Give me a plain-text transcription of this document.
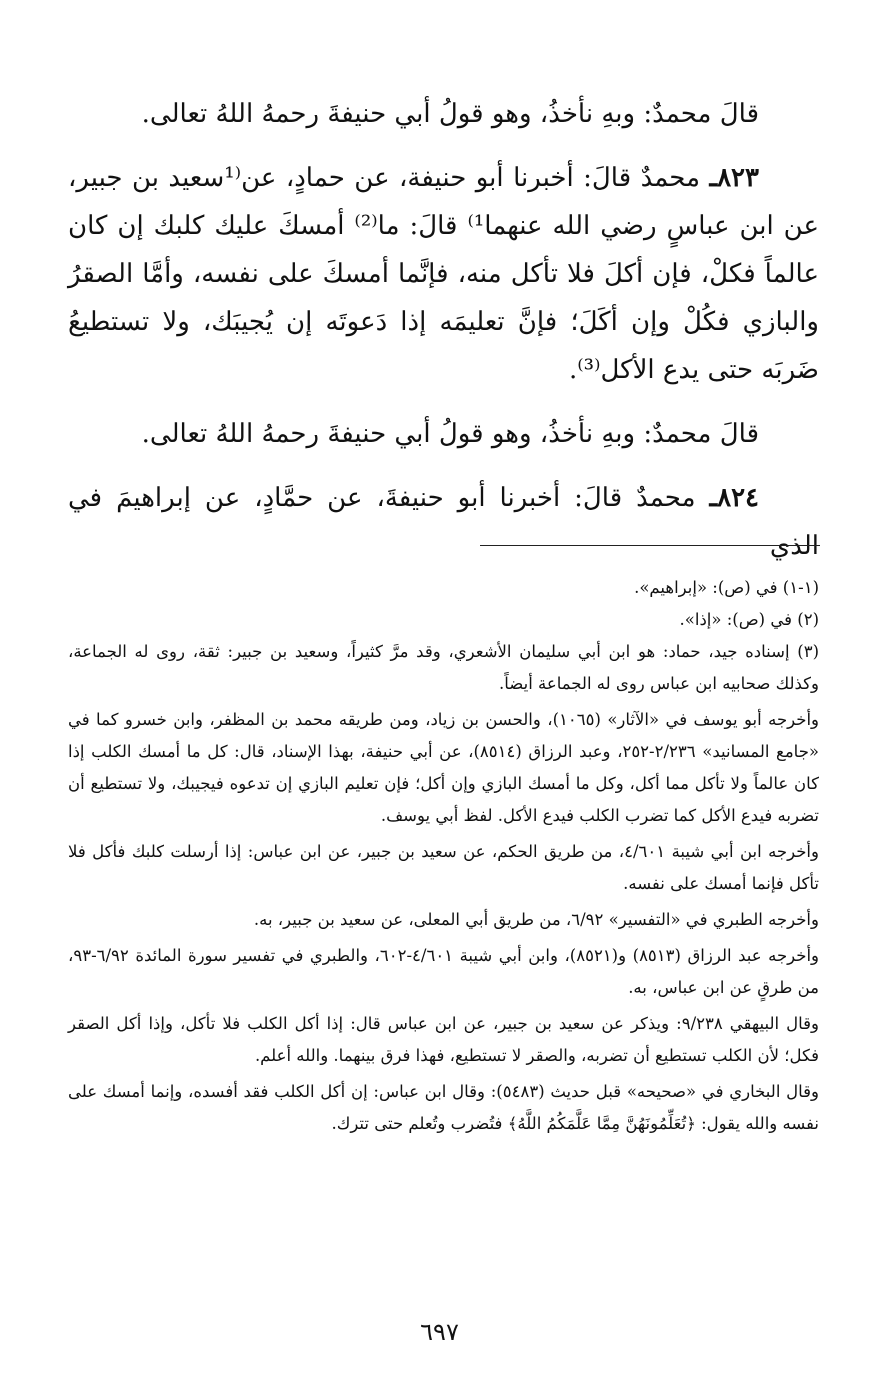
قالَ محمدٌ: وبهِ نأخذُ، وهو قولُ أبي حنيفةَ رحمهُ اللهُ تعالى.

٨٢٣ـ محمدٌ قالَ: أخبرنا أبو حنيفة، عن حمادٍ، عن⁽¹سعيد بن جبير، عن ابن عباسٍ رضي الله عنهما¹⁾ قالَ: ما⁽²⁾ أمسكَ عليك كلبك إن كان عالماً فكلْ، فإن أكلَ فلا تأكل منه، فإنَّما أمسكَ على نفسه، وأمَّا الصقرُ والبازي فكُلْ وإن أكَلَ؛ فإنَّ تعليمَه إذا دَعوتَه إن يُجيبَك، ولا تستطيعُ ضَربَه حتى يدع الأكل⁽³⁾.

قالَ محمدٌ: وبهِ نأخذُ، وهو قولُ أبي حنيفةَ رحمهُ اللهُ تعالى.

٨٢٤ـ محمدٌ قالَ: أخبرنا أبو حنيفةَ، عن حمَّادٍ، عن إبراهيمَ في الذي

(١-١) في (ص): «إبراهيم».

(٢) في (ص): «إذا».

(٣) إسناده جيد، حماد: هو ابن أبي سليمان الأشعري، وقد مرَّ كثيراً، وسعيد بن جبير: ثقة، روى له الجماعة، وكذلك صحابيه ابن عباس روى له الجماعة أيضاً.

وأخرجه أبو يوسف في «الآثار» (١٠٦٥)، والحسن بن زياد، ومن طريقه محمد بن المظفر، وابن خسرو كما في «جامع المسانيد» ٢/٢٣٦-٢٥٢، وعبد الرزاق (٨٥١٤)، عن أبي حنيفة، بهذا الإسناد، قال: كل ما أمسك الكلب إذا كان عالماً ولا تأكل مما أكل، وكل ما أمسك البازي وإن أكل؛ فإن تعليم البازي إن تدعوه فيجيبك، ولا تستطيع أن تضربه فيدع الأكل كما تضرب الكلب فيدع الأكل. لفظ أبي يوسف.

وأخرجه ابن أبي شيبة ٤/٦٠١، من طريق الحكم، عن سعيد بن جبير، عن ابن عباس: إذا أرسلت كلبك فأكل فلا تأكل فإنما أمسك على نفسه.

وأخرجه الطبري في «التفسير» ٦/٩٢، من طريق أبي المعلى، عن سعيد بن جبير، به.

وأخرجه عبد الرزاق (٨٥١٣) و(٨٥٢١)، وابن أبي شيبة ٤/٦٠١-٦٠٢، والطبري في تفسير سورة المائدة ٦/٩٢-٩٣، من طرقٍ عن ابن عباس، به.

وقال البيهقي ٩/٢٣٨: ويذكر عن سعيد بن جبير، عن ابن عباس قال: إذا أكل الكلب فلا تأكل، وإذا أكل الصقر فكل؛ لأن الكلب تستطيع أن تضربه، والصقر لا تستطيع، فهذا فرق بينهما. والله أعلم.

وقال البخاري في «صحيحه» قبل حديث (٥٤٨٣): وقال ابن عباس: إن أكل الكلب فقد أفسده، وإنما أمسك على نفسه والله يقول: ﴿تُعَلِّمُونَهُنَّ مِمَّا عَلَّمَكُمُ اللَّهُ﴾ فتُضرب وتُعلم حتى تترك.

٦٩٧
